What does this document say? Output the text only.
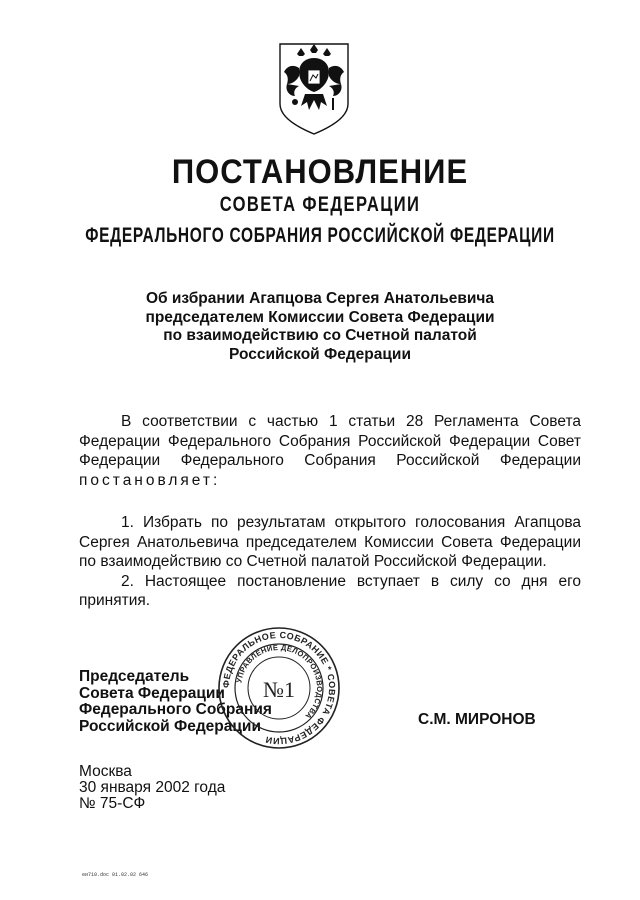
ПОСТАНОВЛЕНИЕ
СОВЕТА ФЕДЕРАЦИИ
ФЕДЕРАЛЬНОГО СОБРАНИЯ РОССИЙСКОЙ ФЕДЕРАЦИИ
Об избрании Агапцова Сергея Анатольевича
председателем Комиссии Совета Федерации
по взаимодействию со Счетной палатой
Российской Федерации
В соответствии с частью 1 статьи 28 Регламента Совета
Федерации Федерального Собрания Российской Федерации Совет
Федерации Федерального Собрания Российской Федерации
постановляет:
1. Избрать по результатам открытого голосования Агапцова
Сергея Анатольевича председателем Комиссии Совета Федерации
по взаимодействию со Счетной палатой Российской Федерации.
2. Настоящее постановление вступает в силу со дня его
принятия.
Председатель
Совета Федерации
Федерального Собрания
Российской Федерации
ФЕДЕРАЛЬНОЕ СОБРАНИЕ * СОВЕТА ФЕДЕРАЦИИ
УПРАВЛЕНИЕ ДЕЛОПРОИЗВОДСТВА
№1
С.М. МИРОНОВ
Москва
30 января 2002 года
№ 75-СФ
еи710.doc 01.02.02 646
